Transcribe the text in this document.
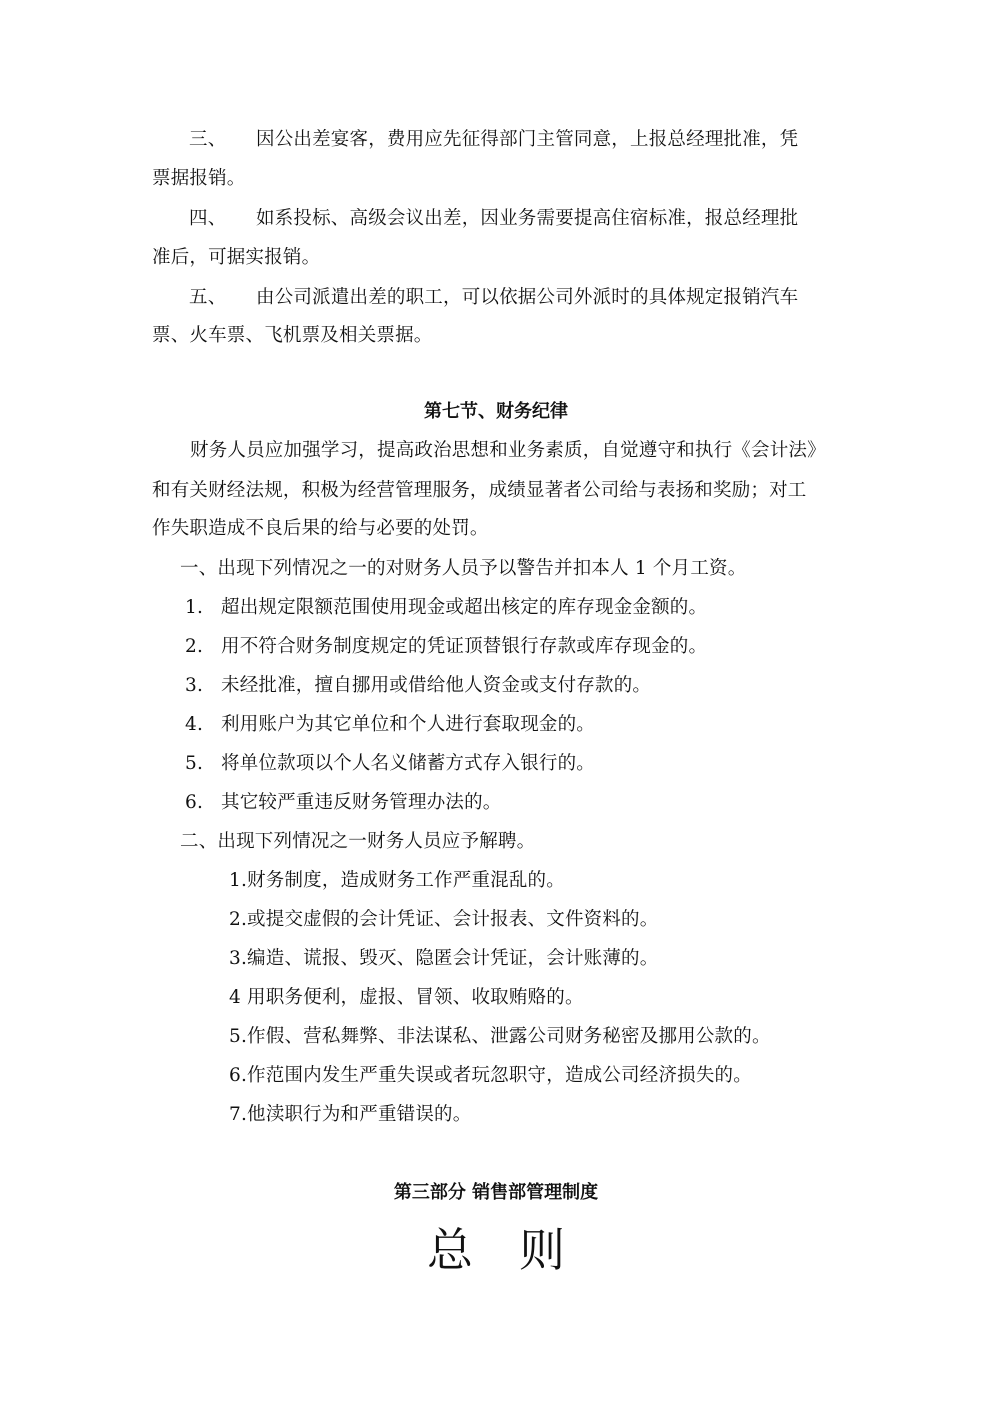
三、 因公出差宴客，费用应先征得部门主管同意，上报总经理批准，凭
票据报销。
四、 如系投标、高级会议出差，因业务需要提高住宿标准，报总经理批
准后，可据实报销。
五、 由公司派遣出差的职工，可以依据公司外派时的具体规定报销汽车
票、火车票、飞机票及相关票据。
第七节、财务纪律
财务人员应加强学习，提高政治思想和业务素质，自觉遵守和执行《会计法》
和有关财经法规，积极为经营管理服务，成绩显著者公司给与表扬和奖励；对工
作失职造成不良后果的给与必要的处罚。
一、出现下列情况之一的对财务人员予以警告并扣本人 1 个月工资。
1. 超出规定限额范围使用现金或超出核定的库存现金金额的。
2. 用不符合财务制度规定的凭证顶替银行存款或库存现金的。
3. 未经批准，擅自挪用或借给他人资金或支付存款的。
4. 利用账户为其它单位和个人进行套取现金的。
5. 将单位款项以个人名义储蓄方式存入银行的。
6. 其它较严重违反财务管理办法的。
二、出现下列情况之一财务人员应予解聘。
1.财务制度，造成财务工作严重混乱的。
2.或提交虚假的会计凭证、会计报表、文件资料的。
3.编造、谎报、毁灭、隐匿会计凭证，会计账薄的。
4 用职务便利，虚报、冒领、收取贿赂的。
5.作假、营私舞弊、非法谋私、泄露公司财务秘密及挪用公款的。
6.作范围内发生严重失误或者玩忽职守，造成公司经济损失的。
7.他渎职行为和严重错误的。
第三部分 销售部管理制度
总则
